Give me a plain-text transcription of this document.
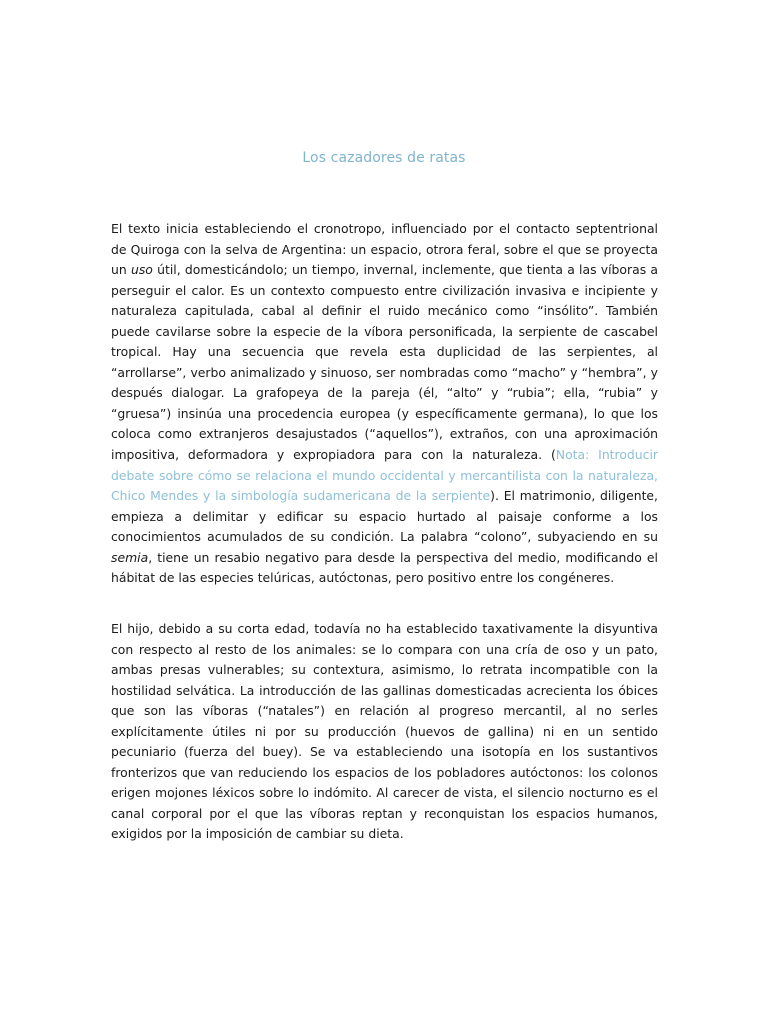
Los cazadores de ratas

El texto inicia estableciendo el cronotropo, influenciado por el contacto septentrional de Quiroga con la selva de Argentina: un espacio, otrora feral, sobre el que se proyecta un uso útil, domesticándolo; un tiempo, invernal, inclemente, que tienta a las víboras a perseguir el calor. Es un contexto compuesto entre civilización invasiva e incipiente y naturaleza capitulada, cabal al definir el ruido mecánico como “insólito”. También puede cavilarse sobre la especie de la víbora personificada, la serpiente de cascabel tropical. Hay una secuencia que revela esta duplicidad de las serpientes, al “arrollarse”, verbo animalizado y sinuoso, ser nombradas como “macho” y “hembra”, y después dialogar. La grafopeya de la pareja (él, “alto” y “rubia”; ella, “rubia” y “gruesa”) insinúa una procedencia europea (y específicamente germana), lo que los coloca como extranjeros desajustados (“aquellos”), extraños, con una aproximación impositiva, deformadora y expropiadora para con la naturaleza. (Nota: Introducir debate sobre cómo se relaciona el mundo occidental y mercantilista con la naturaleza, Chico Mendes y la simbología sudamericana de la serpiente). El matrimonio, diligente, empieza a delimitar y edificar su espacio hurtado al paisaje conforme a los conocimientos acumulados de su condición. La palabra “colono”, subyaciendo en su semia, tiene un resabio negativo para desde la perspectiva del medio, modificando el hábitat de las especies telúricas, autóctonas, pero positivo entre los congéneres.

El hijo, debido a su corta edad, todavía no ha establecido taxativamente la disyuntiva con respecto al resto de los animales: se lo compara con una cría de oso y un pato, ambas presas vulnerables; su contextura, asimismo, lo retrata incompatible con la hostilidad selvática. La introducción de las gallinas domesticadas acrecienta los óbices que son las víboras (“natales”) en relación al progreso mercantil, al no serles explícitamente útiles ni por su producción (huevos de gallina) ni en un sentido pecuniario (fuerza del buey). Se va estableciendo una isotopía en los sustantivos fronterizos que van reduciendo los espacios de los pobladores autóctonos: los colonos erigen mojones léxicos sobre lo indómito. Al carecer de vista, el silencio nocturno es el canal corporal por el que las víboras reptan y reconquistan los espacios humanos, exigidos por la imposición de cambiar su dieta.
